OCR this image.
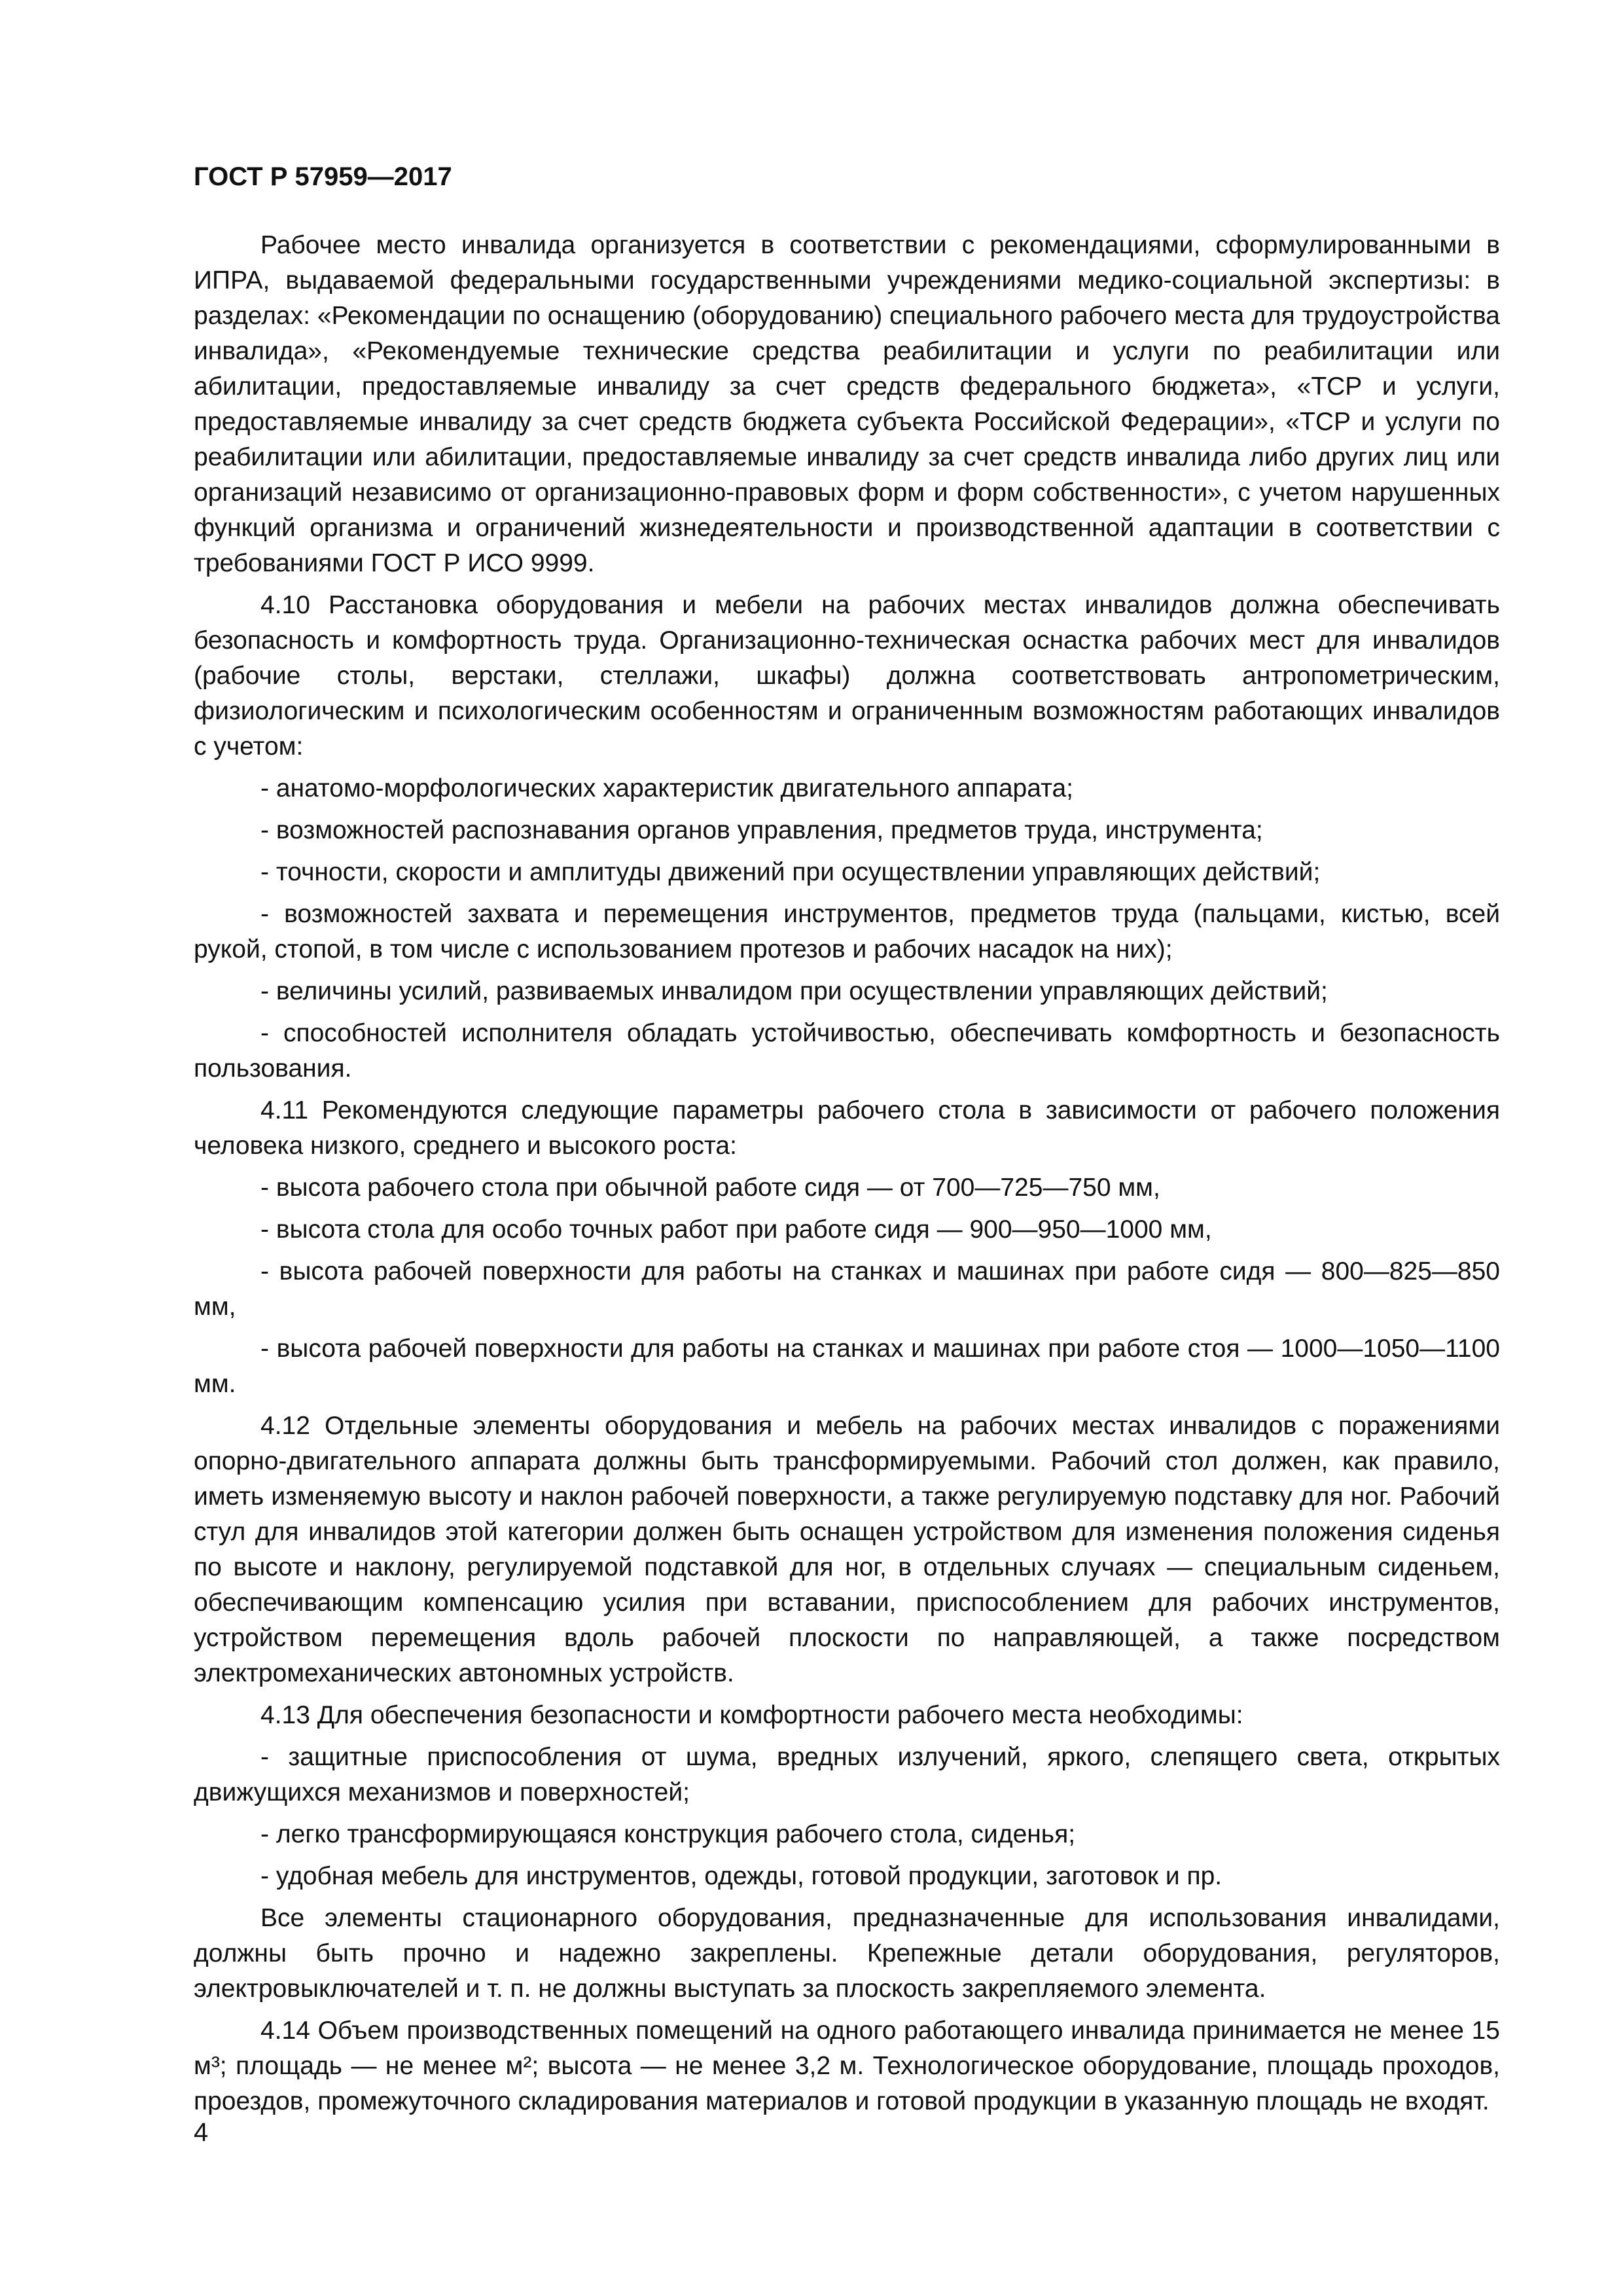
ГОСТ Р 57959—2017

Рабочее место инвалида организуется в соответствии с рекомендациями, сформулированными в ИПРА, выдаваемой федеральными государственными учреждениями медико-социальной экспертизы: в разделах: «Рекомендации по оснащению (оборудованию) специального рабочего места для трудоустройства инвалида», «Рекомендуемые технические средства реабилитации и услуги по реабилитации или абилитации, предоставляемые инвалиду за счет средств федерального бюджета», «ТСР и услуги, предоставляемые инвалиду за счет средств бюджета субъекта Российской Федерации», «ТСР и услуги по реабилитации или абилитации, предоставляемые инвалиду за счет средств инвалида либо других лиц или организаций независимо от организационно-правовых форм и форм собственности», с учетом нарушенных функций организма и ограничений жизнедеятельности и производственной адаптации в соответствии с требованиями ГОСТ Р ИСО 9999.

4.10 Расстановка оборудования и мебели на рабочих местах инвалидов должна обеспечивать безопасность и комфортность труда. Организационно-техническая оснастка рабочих мест для инвалидов (рабочие столы, верстаки, стеллажи, шкафы) должна соответствовать антропометрическим, физиологическим и психологическим особенностям и ограниченным возможностям работающих инвалидов с учетом:

- анатомо-морфологических характеристик двигательного аппарата;

- возможностей распознавания органов управления, предметов труда, инструмента;

- точности, скорости и амплитуды движений при осуществлении управляющих действий;

- возможностей захвата и перемещения инструментов, предметов труда (пальцами, кистью, всей рукой, стопой, в том числе с использованием протезов и рабочих насадок на них);

- величины усилий, развиваемых инвалидом при осуществлении управляющих действий;

- способностей исполнителя обладать устойчивостью, обеспечивать комфортность и безопасность пользования.

4.11 Рекомендуются следующие параметры рабочего стола в зависимости от рабочего положения человека низкого, среднего и высокого роста:

- высота рабочего стола при обычной работе сидя — от 700—725—750 мм,

- высота стола для особо точных работ при работе сидя — 900—950—1000 мм,

- высота рабочей поверхности для работы на станках и машинах при работе сидя — 800—825—850 мм,

- высота рабочей поверхности для работы на станках и машинах при работе стоя — 1000—1050—1100 мм.

4.12 Отдельные элементы оборудования и мебель на рабочих местах инвалидов с поражениями опорно-двигательного аппарата должны быть трансформируемыми. Рабочий стол должен, как правило, иметь изменяемую высоту и наклон рабочей поверхности, а также регулируемую подставку для ног. Рабочий стул для инвалидов этой категории должен быть оснащен устройством для изменения положения сиденья по высоте и наклону, регулируемой подставкой для ног, в отдельных случаях — специальным сиденьем, обеспечивающим компенсацию усилия при вставании, приспособлением для рабочих инструментов, устройством перемещения вдоль рабочей плоскости по направляющей, а также посредством электромеханических автономных устройств.

4.13 Для обеспечения безопасности и комфортности рабочего места необходимы:

- защитные приспособления от шума, вредных излучений, яркого, слепящего света, открытых движущихся механизмов и поверхностей;

- легко трансформирующаяся конструкция рабочего стола, сиденья;

- удобная мебель для инструментов, одежды, готовой продукции, заготовок и пр.

Все элементы стационарного оборудования, предназначенные для использования инвалидами, должны быть прочно и надежно закреплены. Крепежные детали оборудования, регуляторов, электровыключателей и т. п. не должны выступать за плоскость закрепляемого элемента.

4.14 Объем производственных помещений на одного работающего инвалида принимается не менее 15 м³; площадь — не менее м²; высота — не менее 3,2 м. Технологическое оборудование, площадь проходов, проездов, промежуточного складирования материалов и готовой продукции в указанную площадь не входят.

4
